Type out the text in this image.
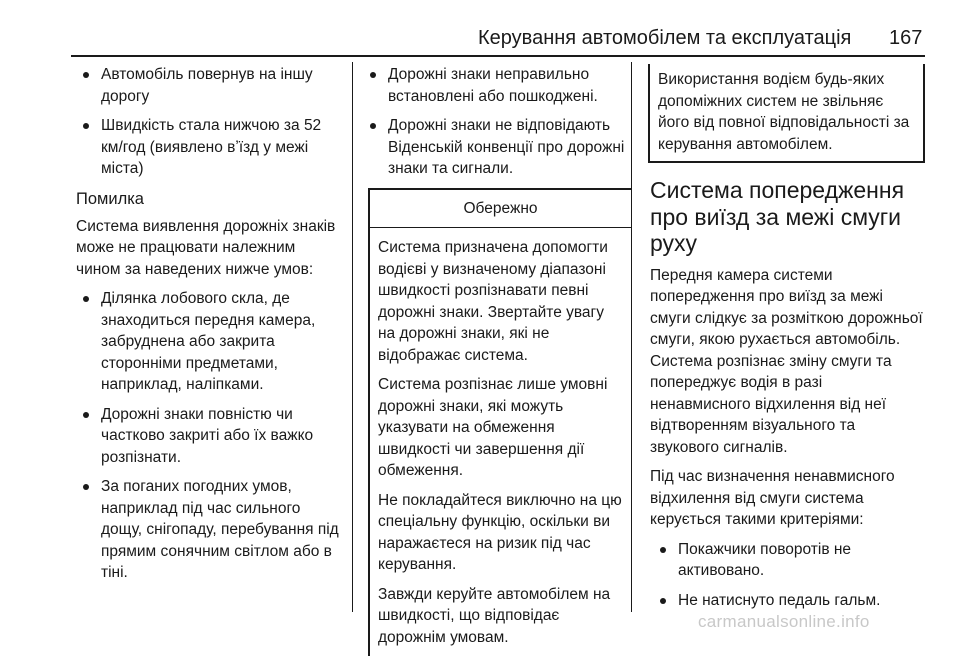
Керування автомобілем та експлуатація 167
Автомобіль повернув на іншу дорогу
Швидкість стала нижчою за 52 км/год (виявлено вʼїзд у межі міста)
Помилка

Система виявлення дорожніх знаків може не працювати належним чином за наведених нижче умов:

Ділянка лобового скла, де знаходиться передня камера, забруднена або закрита сторонніми предметами, наприклад, наліпками.
Дорожні знаки повністю чи частково закриті або їх важко розпізнати.
За поганих погодних умов, наприклад під час сильного дощу, снігопаду, перебування під прямим сонячним світлом або в тіні.
Дорожні знаки неправильно встановлені або пошкоджені.
Дорожні знаки не відповідають Віденській конвенції про дорожні знаки та сигнали.
Обережно

Система призначена допомогти водієві у визначеному діапазоні швидкості розпізнавати певні дорожні знаки. Звертайте увагу на дорожні знаки, які не відображає система.

Система розпізнає лише умовні дорожні знаки, які можуть указувати на обмеження швидкості чи завершення дії обмеження.

Не покладайтеся виключно на цю спеціальну функцію, оскільки ви наражаєтеся на ризик під час керування.

Завжди керуйте автомобілем на швидкості, що відповідає дорожнім умовам.

Використання водієм будь-яких допоміжних систем не звільняє його від повної відповідальності за керування автомобілем.

Система попередження про виїзд за межі смуги руху

Передня камера системи попередження про виїзд за межі смуги слідкує за розміткою дорожньої смуги, якою рухається автомобіль. Система розпізнає зміну смуги та попереджує водія в разі ненавмисного відхилення від неї відтворенням візуального та звукового сигналів.

Під час визначення ненавмисного відхилення від смуги система керується такими критеріями:

Покажчики поворотів не активовано.
Не натиснуто педаль гальм.
carmanualsonline.info
